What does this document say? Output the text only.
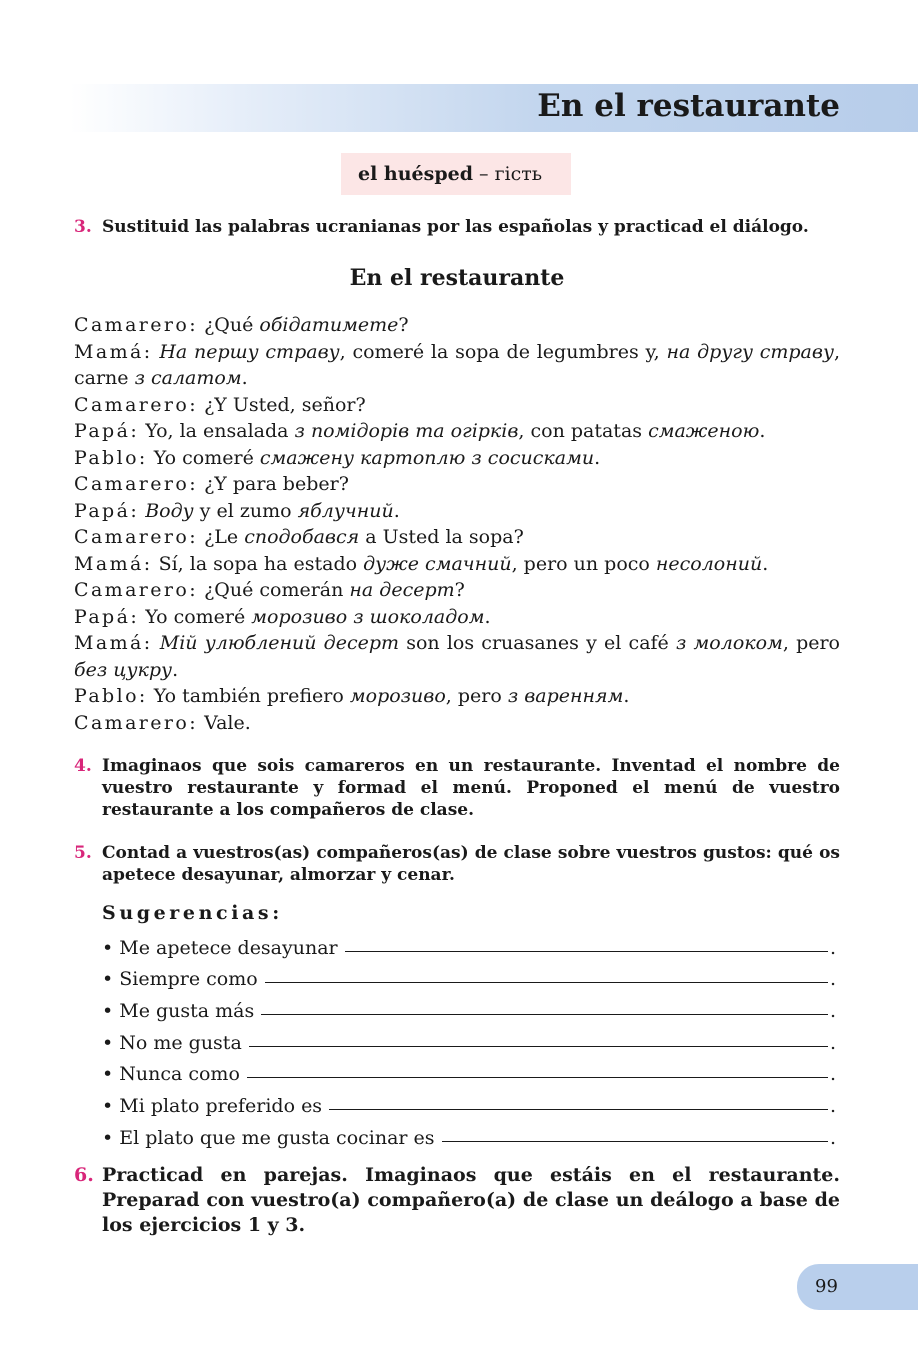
En el restaurante
el huésped – гість
3. Sustituid las palabras ucranianas por las españolas y practicad el diálogo.
En el restaurante
Camarero: ¿Qué обідатимете?
Mamá: На першу страву, comeré la sopa de legumbres y, на другу страву, carne з салатом.
Camarero: ¿Y Usted, señor?
Papá: Yo, la ensalada з помідорів та огірків, con patatas смаженою.
Pablo: Yo comeré смажену картоплю з сосисками.
Camarero: ¿Y para beber?
Papá: Воду y el zumo яблучний.
Camarero: ¿Le сподобався a Usted la sopa?
Mamá: Sí, la sopa ha estado дуже смачний, pero un poco несолоний.
Camarero: ¿Qué comerán на десерт?
Papá: Yo comeré морозиво з шоколадом.
Mamá: Мій улюблений десерт son los cruasanes y el café з молоком, pero без цукру.
Pablo: Yo también prefiero морозиво, pero з варенням.
Camarero: Vale.
4. Imaginaos que sois camareros en un restaurante. Inventad el nombre de vuestro restaurante y formad el menú. Proponed el menú de vuestro restaurante a los compañeros de clase.
5. Contad a vuestros(as) compañeros(as) de clase sobre vuestros gustos: qué os apetece desayunar, almorzar y cenar.
Sugerencias:
• Me apetece desayunar	.
• Siempre como	.
• Me gusta más	.
• No me gusta	.
• Nunca como	.
• Mi plato preferido es	.
• El plato que me gusta cocinar es	.
6. Practicad en parejas. Imaginaos que estáis en el restaurante. Preparad con vuestro(a) compañero(a) de clase un deálogo a base de los ejercicios 1 y 3.
99
